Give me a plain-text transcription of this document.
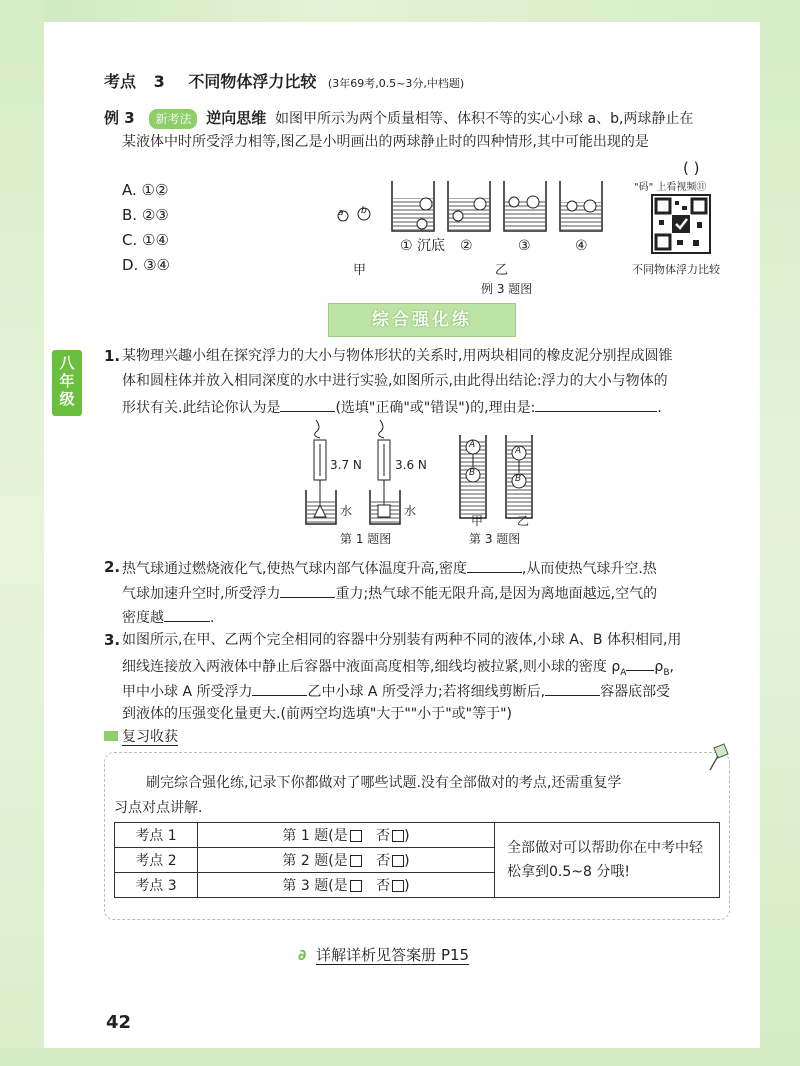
考点 3 不同物体浮力比较 (3年69考,0.5~3分,中档题)
例 3 新考法 逆向思维 如图甲所示为两个质量相等、体积不等的实心小球 a、b,两球静止在
某液体中时所受浮力相等,图乙是小明画出的两球静止时的四种情形,其中可能出现的是
( )
A. ①②
B. ②③
C. ①④
D. ③④
a b
① 沉底 ②	③	④
甲	乙
例 3 题图
"码" 上看视频⑪
不同物体浮力比较
综合强化练
八年级
1. 某物理兴趣小组在探究浮力的大小与物体形状的关系时,用两块相同的橡皮泥分别捏成圆锥
体和圆柱体并放入相同深度的水中进行实验,如图所示,由此得出结论:浮力的大小与物体的
形状有关.此结论你认为是	(选填"正确"或"错误")的,理由是:	.
3.7 N	3.6 N
水	水
A
B
A
B
甲	乙
第 1 题图	第 3 题图
2. 热气球通过燃烧液化气,使热气球内部气体温度升高,密度	,从而使热气球升空.热
气球加速升空时,所受浮力	重力;热气球不能无限升高,是因为离地面越远,空气的
密度越	.
3. 如图所示,在甲、乙两个完全相同的容器中分别装有两种不同的液体,小球 A、B 体积相同,用
细线连接放入两液体中静止后容器中液面高度相等,细线均被拉紧,则小球的密度 $\rho_A$ $\rho_B$,
甲中小球 A 所受浮力	乙中小球 A 所受浮力;若将细线剪断后,	容器底部受
到液体的压强变化量更大.(前两空均选填"大于""小于"或"等于")
复习收获
刷完综合强化练,记录下你都做对了哪些试题.没有全部做对的考点,还需重复学
习点对点讲解.
考点 1	第 1 题(是 否 )	全部做对可以帮助你在中考中轻
松拿到0.5~8 分哦!

考点 2	第 2 题(是 否 )	
考点 3	第 3 题(是 否 )	
∂ 详解详析见答案册 P15
42
